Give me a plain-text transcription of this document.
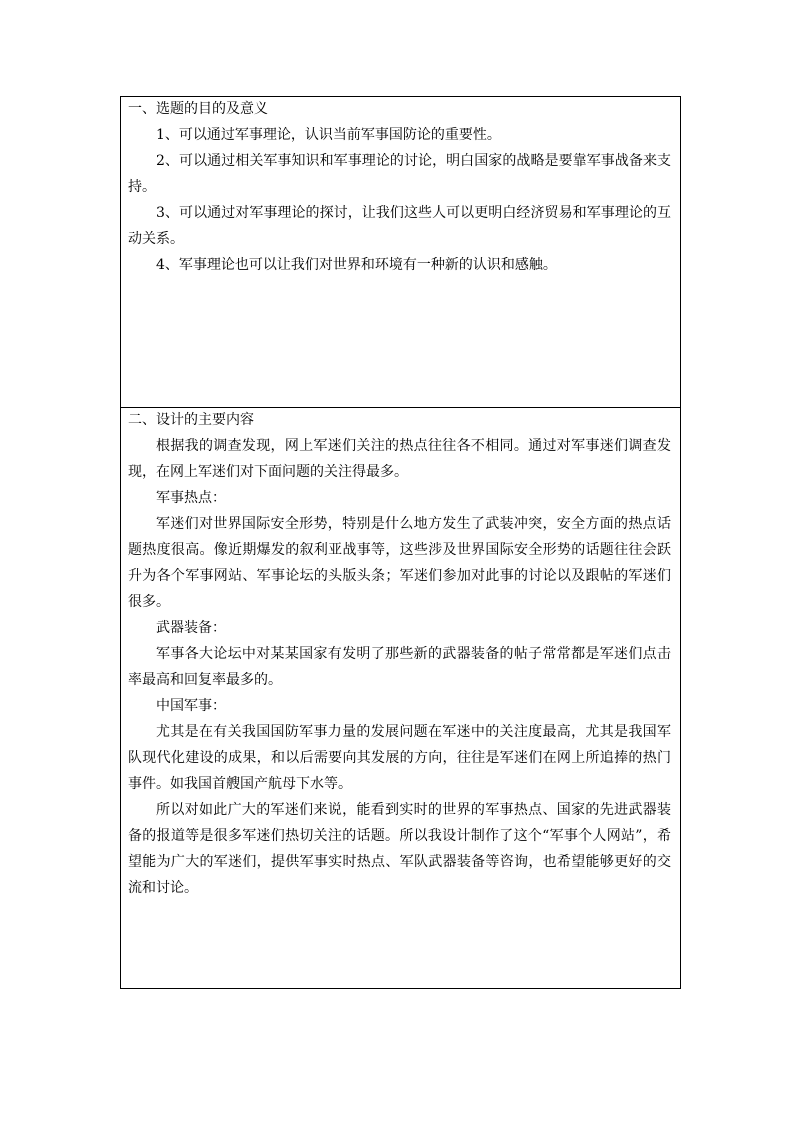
一、选题的目的及意义

1、可以通过军事理论，认识当前军事国防论的重要性。

2、可以通过相关军事知识和军事理论的讨论，明白国家的战略是要靠军事战备来支持。

3、可以通过对军事理论的探讨，让我们这些人可以更明白经济贸易和军事理论的互动关系。

4、军事理论也可以让我们对世界和环境有一种新的认识和感触。

二、设计的主要内容

根据我的调查发现，网上军迷们关注的热点往往各不相同。通过对军事迷们调查发现，在网上军迷们对下面问题的关注得最多。

军事热点：

军迷们对世界国际安全形势，特别是什么地方发生了武装冲突，安全方面的热点话题热度很高。像近期爆发的叙利亚战事等，这些涉及世界国际安全形势的话题往往会跃升为各个军事网站、军事论坛的头版头条；军迷们参加对此事的讨论以及跟帖的军迷们很多。

武器装备：

军事各大论坛中对某某国家有发明了那些新的武器装备的帖子常常都是军迷们点击率最高和回复率最多的。

中国军事：

尤其是在有关我国国防军事力量的发展问题在军迷中的关注度最高，尤其是我国军队现代化建设的成果，和以后需要向其发展的方向，往往是军迷们在网上所追捧的热门事件。如我国首艘国产航母下水等。

所以对如此广大的军迷们来说，能看到实时的世界的军事热点、国家的先进武器装备的报道等是很多军迷们热切关注的话题。所以我设计制作了这个“军事个人网站”，希望能为广大的军迷们，提供军事实时热点、军队武器装备等咨询，也希望能够更好的交流和讨论。
